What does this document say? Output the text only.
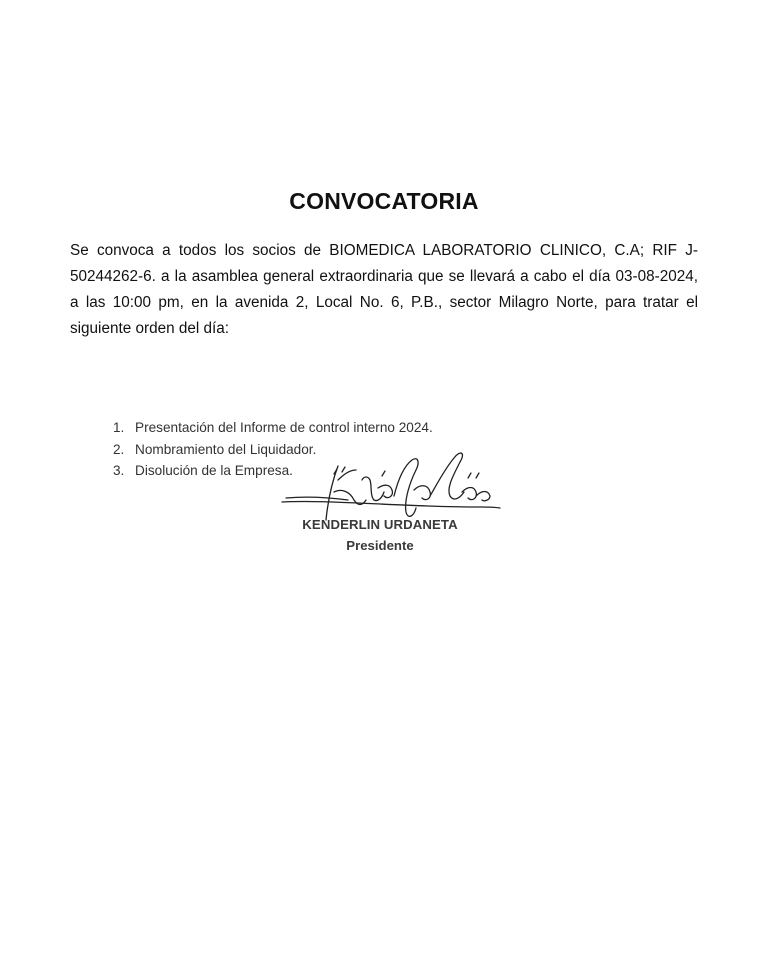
CONVOCATORIA

Se convoca a todos los socios de BIOMEDICA LABORATORIO CLINICO, C.A; RIF J-50244262-6. a la asamblea general extraordinaria que se llevará a cabo el día 03-08-2024, a las 10:00 pm, en la avenida 2, Local No. 6, P.B., sector Milagro Norte, para tratar el siguiente orden del día:

1. Presentación del Informe de control interno 2024.
2. Nombramiento del Liquidador.
3. Disolución de la Empresa.
KENDERLIN URDANETA
Presidente
